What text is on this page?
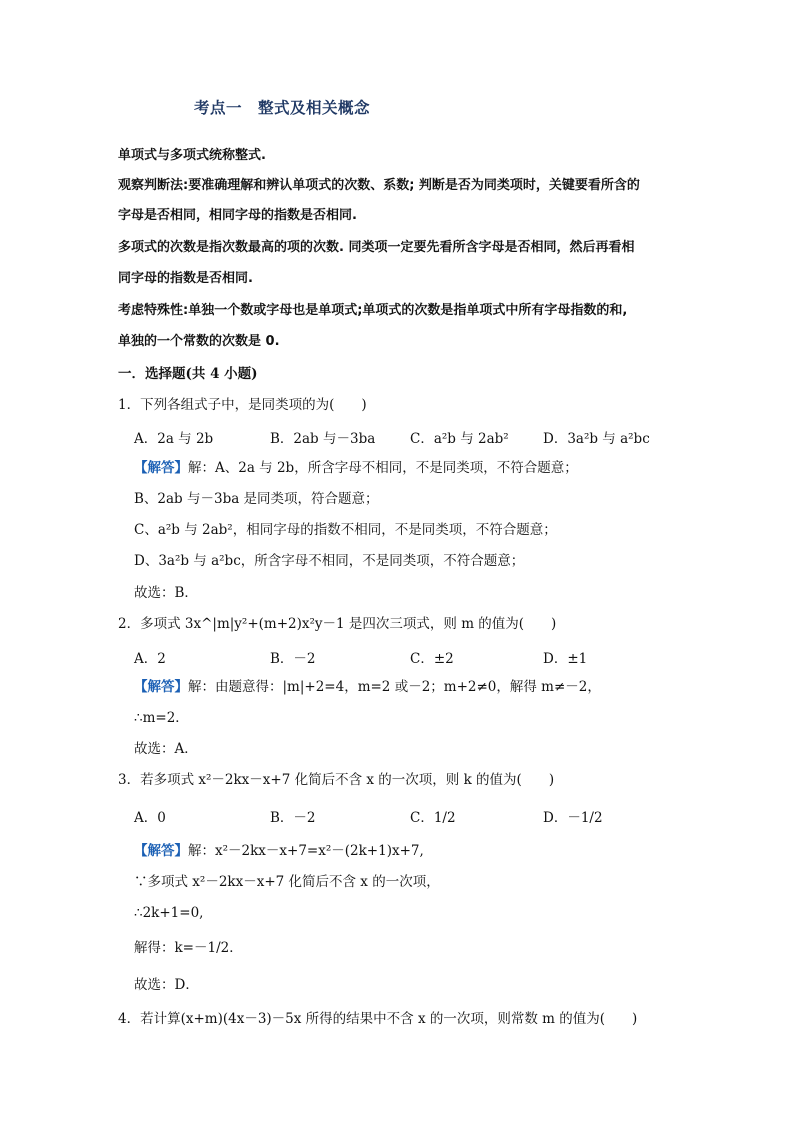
考点一　整式及相关概念
单项式与多项式统称整式.
观察判断法:要准确理解和辨认单项式的次数、系数; 判断是否为同类项时，关键要看所含的
字母是否相同，相同字母的指数是否相同.
多项式的次数是指次数最高的项的次数. 同类项一定要先看所含字母是否相同，然后再看相
同字母的指数是否相同.
考虑特殊性:单独一个数或字母也是单项式;单项式的次数是指单项式中所有字母指数的和,
单独的一个常数的次数是 0.
一．选择题(共 4 小题)
1．下列各组式子中，是同类项的为(　　)
A．2a 与 2b	B．2ab 与－3ba	C．a²b 与 2ab²	D．3a²b 与 a²bc
【解答】解：A、2a 与 2b，所含字母不相同，不是同类项，不符合题意；
B、2ab 与－3ba 是同类项，符合题意；
C、a²b 与 2ab²，相同字母的指数不相同，不是同类项，不符合题意；
D、3a²b 与 a²bc，所含字母不相同，不是同类项，不符合题意；
故选：B．
2．多项式 3x^|m|y²+(m+2)x²y－1 是四次三项式，则 m 的值为(　　)
A．2	B．－2	C．±2	D．±1
【解答】解：由题意得：|m|+2=4，m=2 或－2；m+2≠0，解得 m≠－2，
∴m=2．
故选：A．
3．若多项式 x²－2kx－x+7 化简后不含 x 的一次项，则 k 的值为(　　)
A．0	B．－2	C．1/2	D．－1/2
【解答】解：x²－2kx－x+7=x²－(2k+1)x+7,
∵多项式 x²－2kx－x+7 化简后不含 x 的一次项，
∴2k+1=0,
解得：k=－1/2．
故选：D．
4．若计算(x+m)(4x－3)－5x 所得的结果中不含 x 的一次项，则常数 m 的值为(　　)
